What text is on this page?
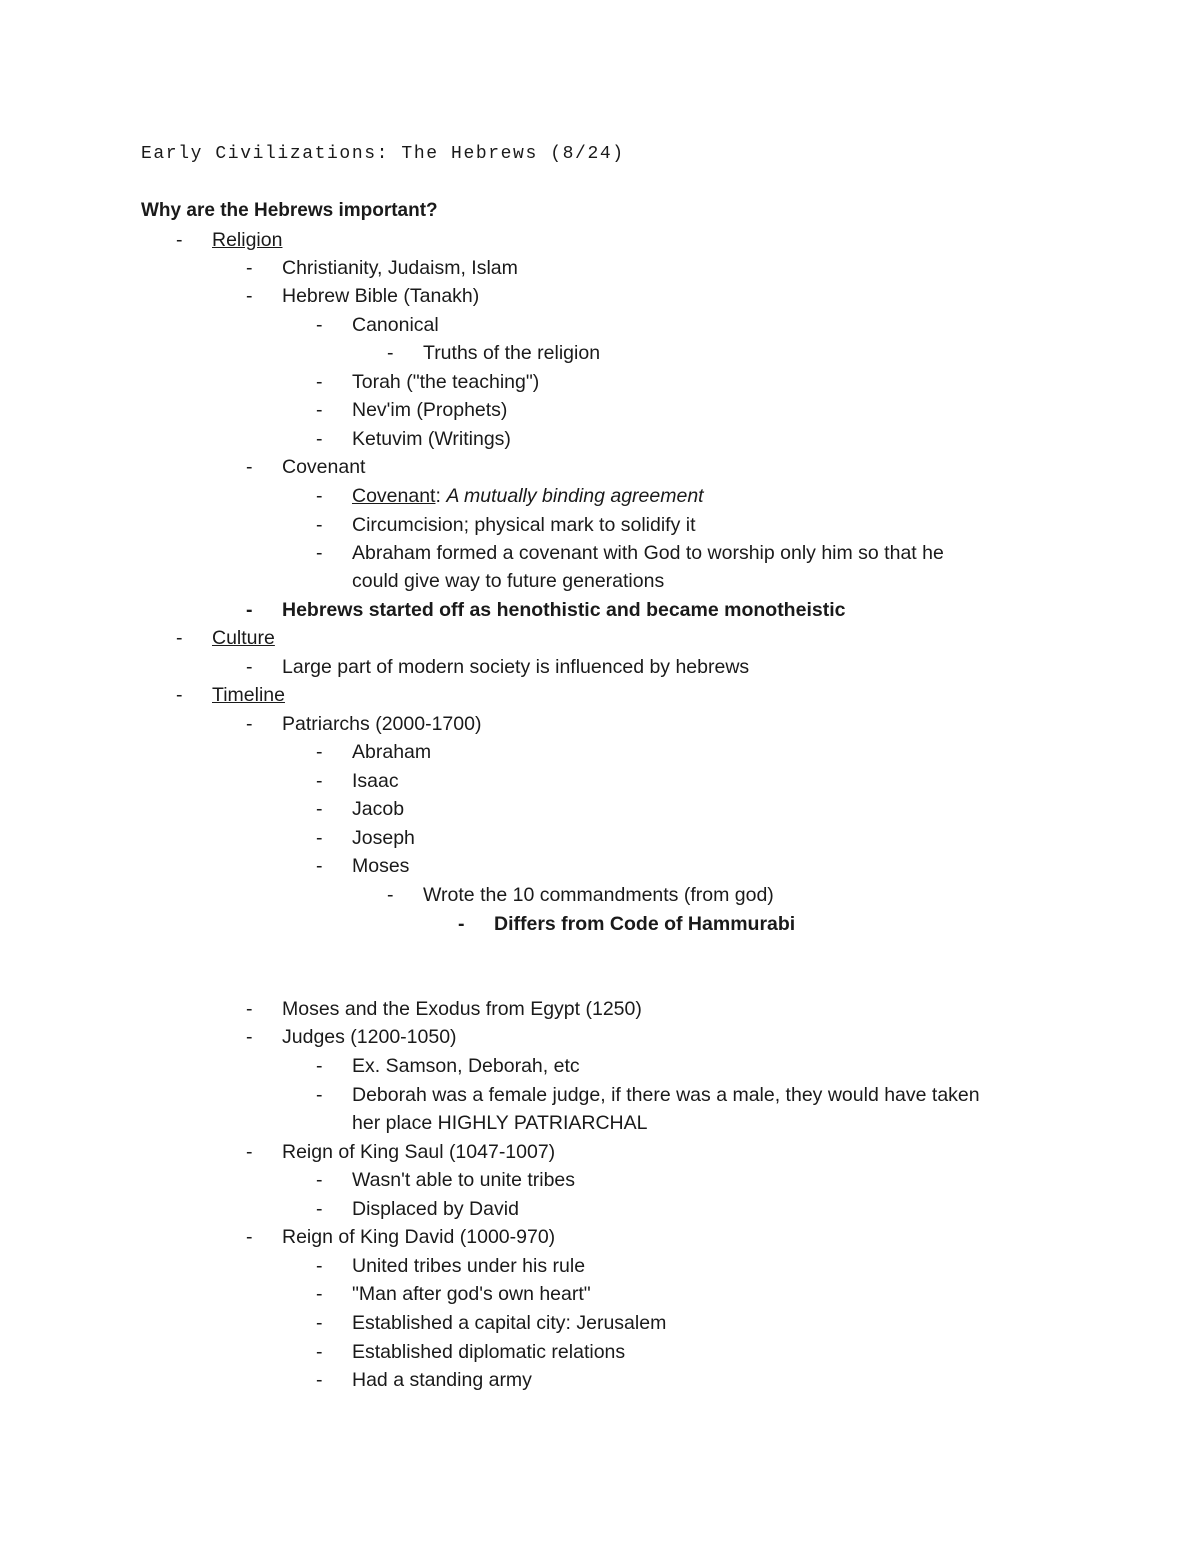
Early Civilizations: The Hebrews (8/24)
Why are the Hebrews important?
-	Religion
-	Christianity, Judaism, Islam
-	Hebrew Bible (Tanakh)
-	Canonical
-	Truths of the religion
-	Torah ("the teaching")
-	Nev'im (Prophets)
-	Ketuvim (Writings)
-	Covenant
-	Covenant: A mutually binding agreement
-	Circumcision; physical mark to solidify it
-	Abraham formed a covenant with God to worship only him so that he
could give way to future generations
-	Hebrews started off as henothistic and became monotheistic
-	Culture
-	Large part of modern society is influenced by hebrews
-	Timeline
-	Patriarchs (2000-1700)
-	Abraham
-	Isaac
-	Jacob
-	Joseph
-	Moses
-	Wrote the 10 commandments (from god)
-	Differs from Code of Hammurabi
-	Moses and the Exodus from Egypt (1250)
-	Judges (1200-1050)
-	Ex. Samson, Deborah, etc
-	Deborah was a female judge, if there was a male, they would have taken
her place HIGHLY PATRIARCHAL
-	Reign of King Saul (1047-1007)
-	Wasn't able to unite tribes
-	Displaced by David
-	Reign of King David (1000-970)
-	United tribes under his rule
-	"Man after god's own heart"
-	Established a capital city: Jerusalem
-	Established diplomatic relations
-	Had a standing army
